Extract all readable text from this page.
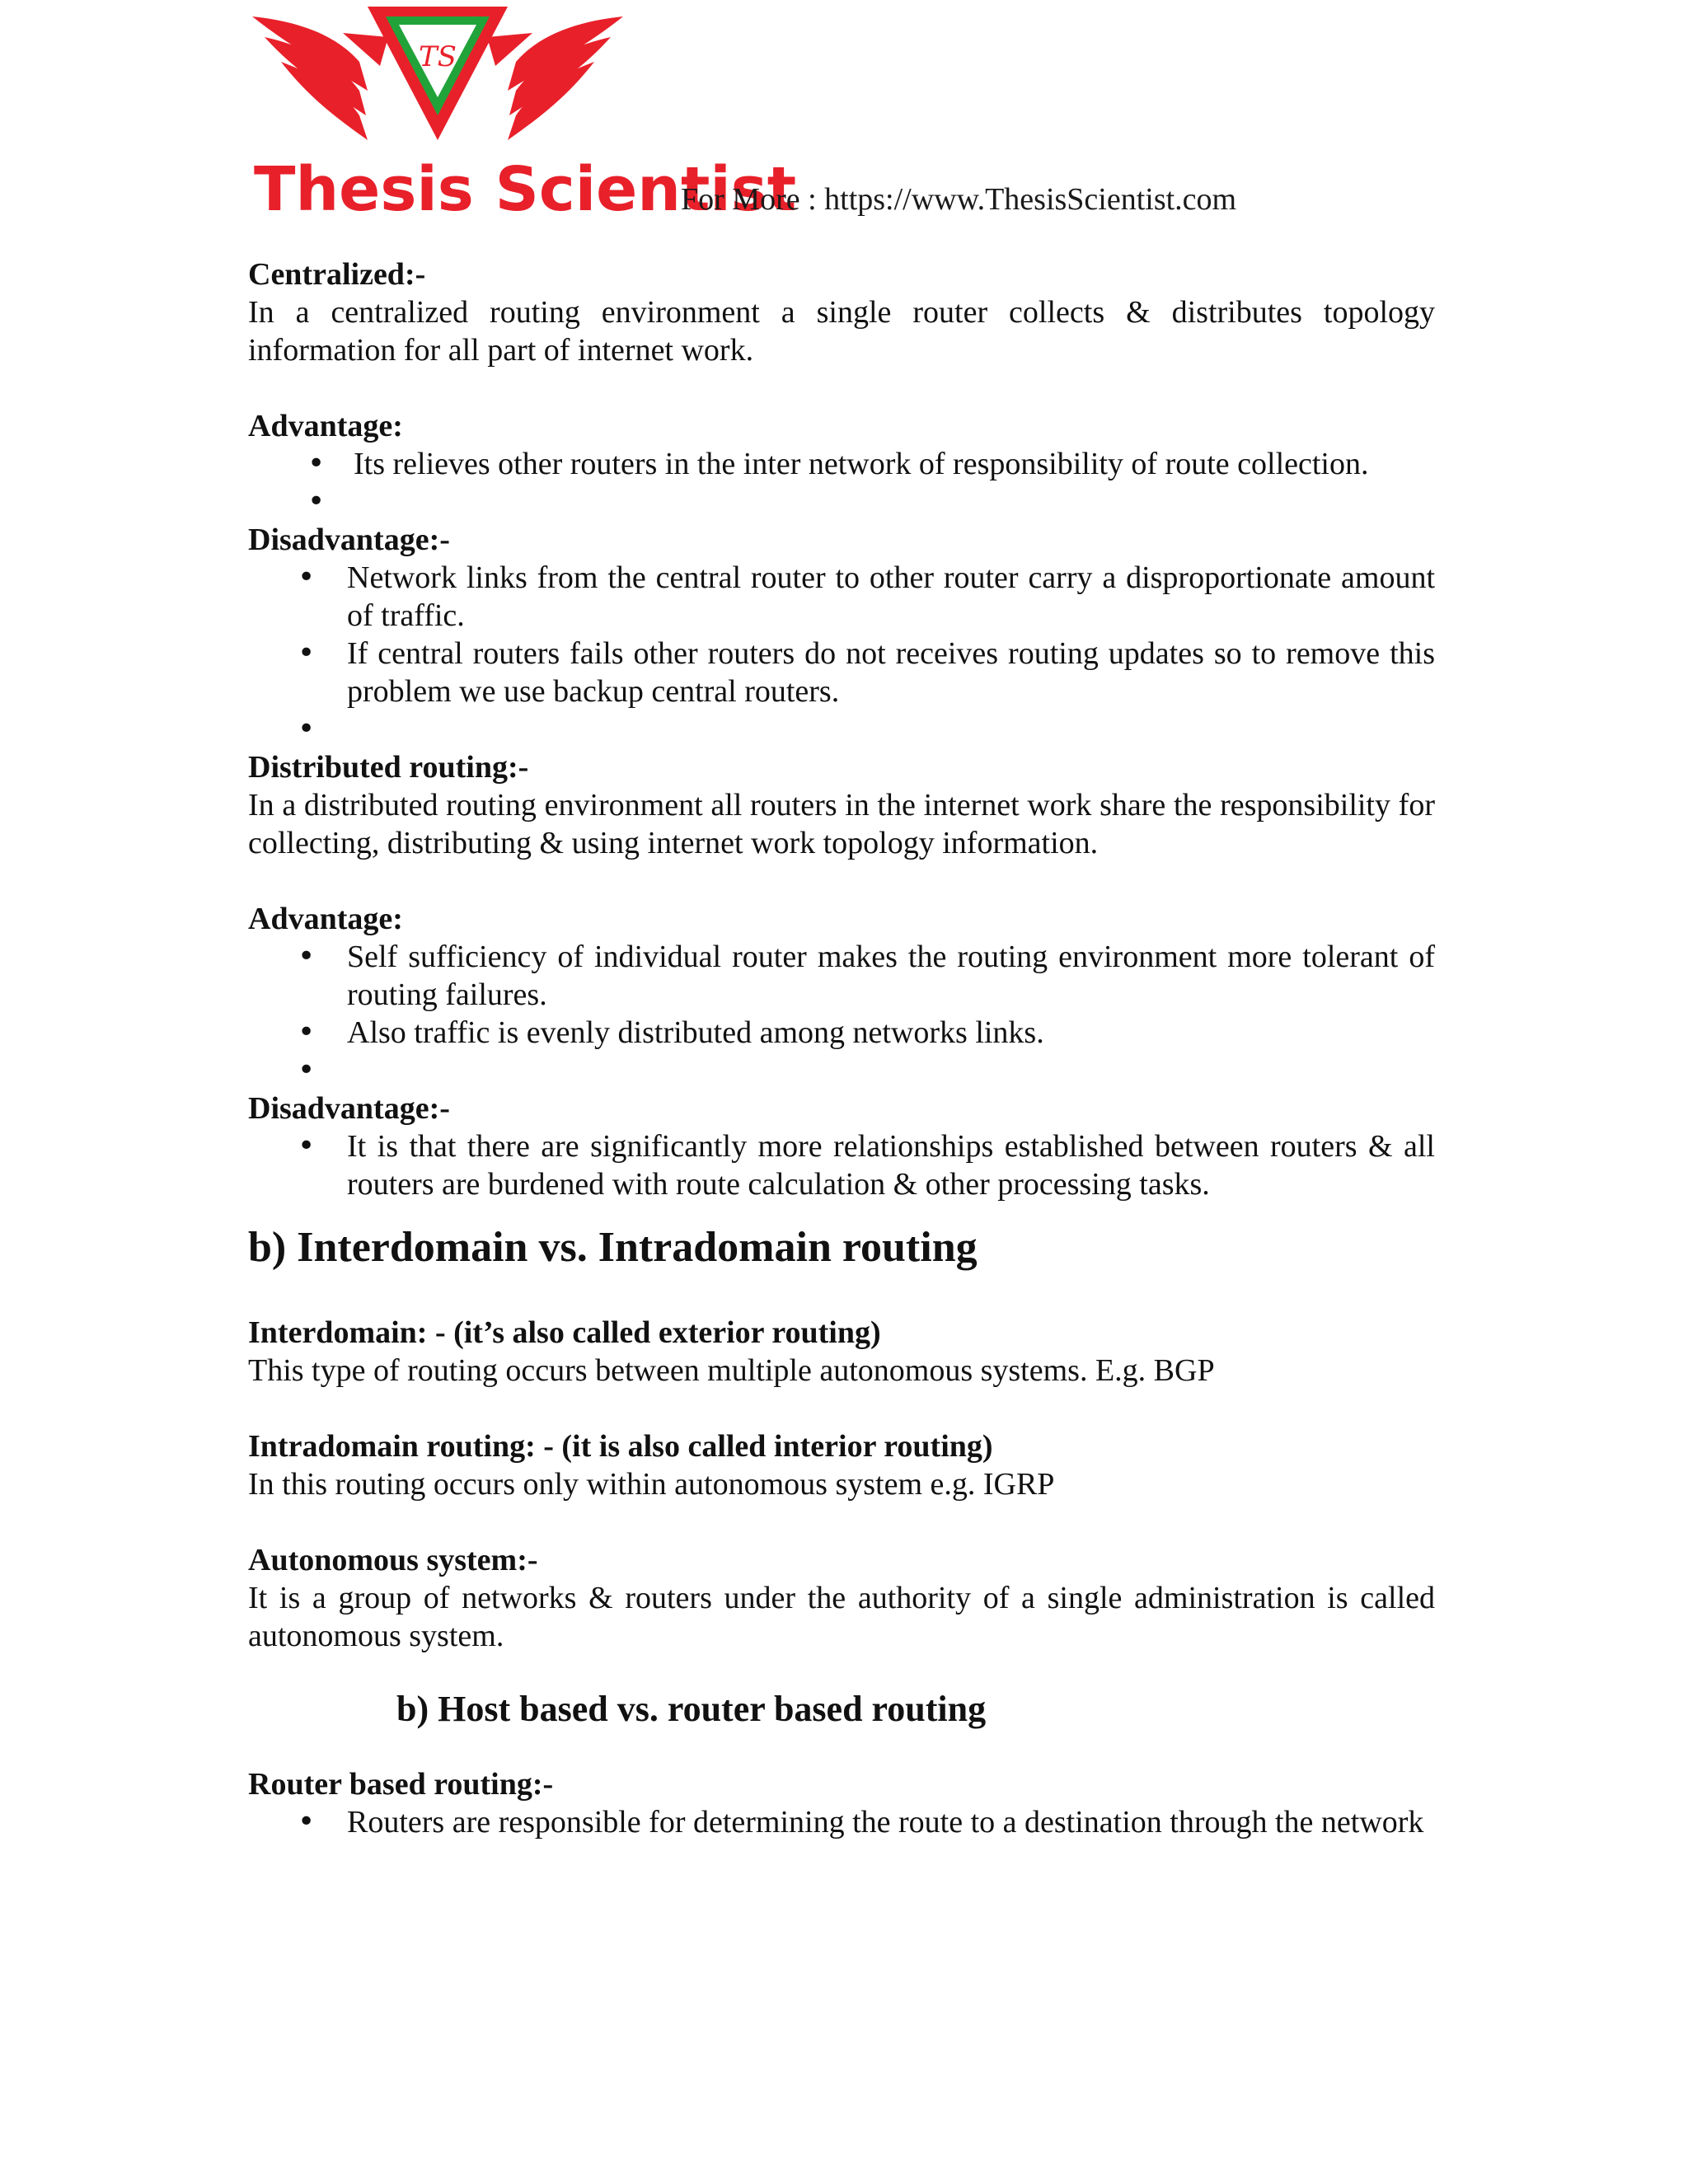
TS
Thesis Scientist
For More : https://www.ThesisScientist.com

Centralized:-

In a centralized routing environment a single router collects & distributes topology information for all part of internet work.

Advantage:

• Its relieves other routers in the inter network of responsibility of route collection.
•

Disadvantage:-

• Network links from the central router to other router carry a disproportionate amount of traffic.
• If central routers fails other routers do not receives routing updates so to remove this problem we use backup central routers.
•

Distributed routing:-

In a distributed routing environment all routers in the internet work share the responsibility for collecting, distributing & using internet work topology information.

Advantage:

• Self sufficiency of individual router makes the routing environment more tolerant of routing failures.
• Also traffic is evenly distributed among networks links.
•

Disadvantage:-

• It is that there are significantly more relationships established between routers & all routers are burdened with route calculation & other processing tasks.

b) Interdomain vs. Intradomain routing

Interdomain: - (it’s also called exterior routing)

This type of routing occurs between multiple autonomous systems. E.g. BGP

Intradomain routing: - (it is also called interior routing)

In this routing occurs only within autonomous system e.g. IGRP

Autonomous system:-

It is a group of networks & routers under the authority of a single administration is called autonomous system.

b) Host based vs. router based routing

Router based routing:-

• Routers are responsible for determining the route to a destination through the network
